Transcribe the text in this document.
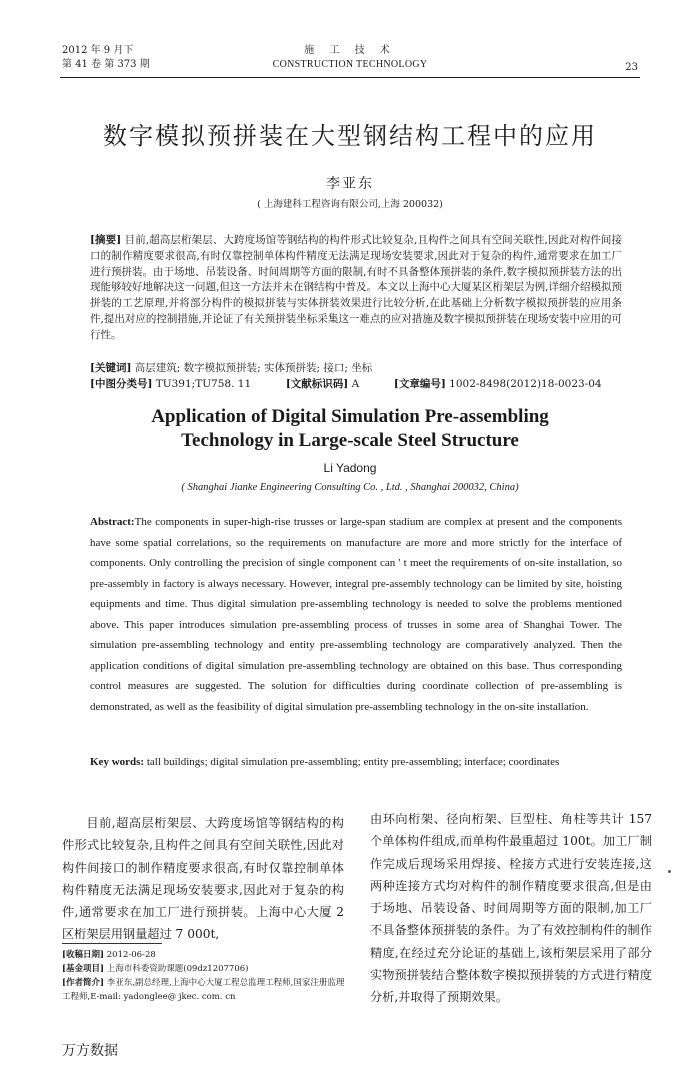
2012 年 9 月下
第 41 卷 第 373 期
施 工 技 术
CONSTRUCTION TECHNOLOGY	23
数字模拟预拼装在大型钢结构工程中的应用
李亚东
( 上海建科工程咨询有限公司,上海 200032)
[摘要] 目前,超高层桁架层、大跨度场馆等钢结构的构件形式比较复杂,且构件之间具有空间关联性,因此对构件间接口的制作精度要求很高,有时仅靠控制单体构件精度无法满足现场安装要求,因此对于复杂的构件,通常要求在加工厂进行预拼装。由于场地、吊装设备、时间周期等方面的限制,有时不具备整体预拼装的条件,数字模拟预拼装方法的出现能够较好地解决这一问题,但这一方法并未在钢结构中普及。本文以上海中心大厦某区桁架层为例,详细介绍模拟预拼装的工艺原理,并将部分构件的模拟拼装与实体拼装效果进行比较分析,在此基础上分析数字模拟预拼装的应用条件,提出对应的控制措施,并论证了有关预拼装坐标采集这一难点的应对措施及数字模拟预拼装在现场安装中应用的可行性。
[关键词] 高层建筑; 数字模拟预拼装; 实体预拼装; 接口; 坐标
[中图分类号] TU391;TU758. 11	[文献标识码] A	[文章编号] 1002-8498(2012)18-0023-04
Application of Digital Simulation Pre-assembling
Technology in Large-scale Steel Structure
Li Yadong
( Shanghai Jianke Engineering Consulting Co. , Ltd. , Shanghai 200032, China)
Abstract:The components in super-high-rise trusses or large-span stadium are complex at present and the components have some spatial correlations, so the requirements on manufacture are more and more strictly for the interface of components. Only controlling the precision of single component can ' t meet the requirements of on-site installation, so pre-assembly in factory is always necessary. However, integral pre-assembly technology can be limited by site, hoisting equipments and time. Thus digital simulation pre-assembling technology is needed to solve the problems mentioned above. This paper introduces simulation pre-assembling process of trusses in some area of Shanghai Tower. The simulation pre-assembling technology and entity pre-assembling technology are comparatively analyzed. Then the application conditions of digital simulation pre-assembling technology are obtained on this base. Thus corresponding control measures are suggested. The solution for difficulties during coordinate collection of pre-assembling is demonstrated, as well as the feasibility of digital simulation pre-assembling technology in the on-site installation.
Key words: tall buildings; digital simulation pre-assembling; entity pre-assembling; interface; coordinates
目前,超高层桁架层、大跨度场馆等钢结构的构件形式比较复杂,且构件之间具有空间关联性,因此对构件间接口的制作精度要求很高,有时仅靠控制单体构件精度无法满足现场安装要求,因此对于复杂的构件,通常要求在加工厂进行预拼装。上海中心大厦 2 区桁架层用钢量超过 7 000t,
由环向桁架、径向桁架、巨型柱、角柱等共计 157 个单体构件组成,而单构件最重超过 100t。加工厂制作完成后现场采用焊接、栓接方式进行安装连接,这两种连接方式均对构件的制作精度要求很高,但是由于场地、吊装设备、时间周期等方面的限制,加工厂不具备整体预拼装的条件。为了有效控制构件的制作精度,在经过充分论证的基础上,该桁架层采用了部分实物预拼装结合整体数字模拟预拼装的方式进行精度分析,并取得了预期效果。
[收稿日期] 2012-06-28
[基金项目] 上海市科委资助课题(09dz1207706)
[作者简介] 李亚东,副总经理,上海中心大厦工程总监理工程师,国家注册监理工程师,E-mail: yadonglee@ jkec. com. cn
万方数据
